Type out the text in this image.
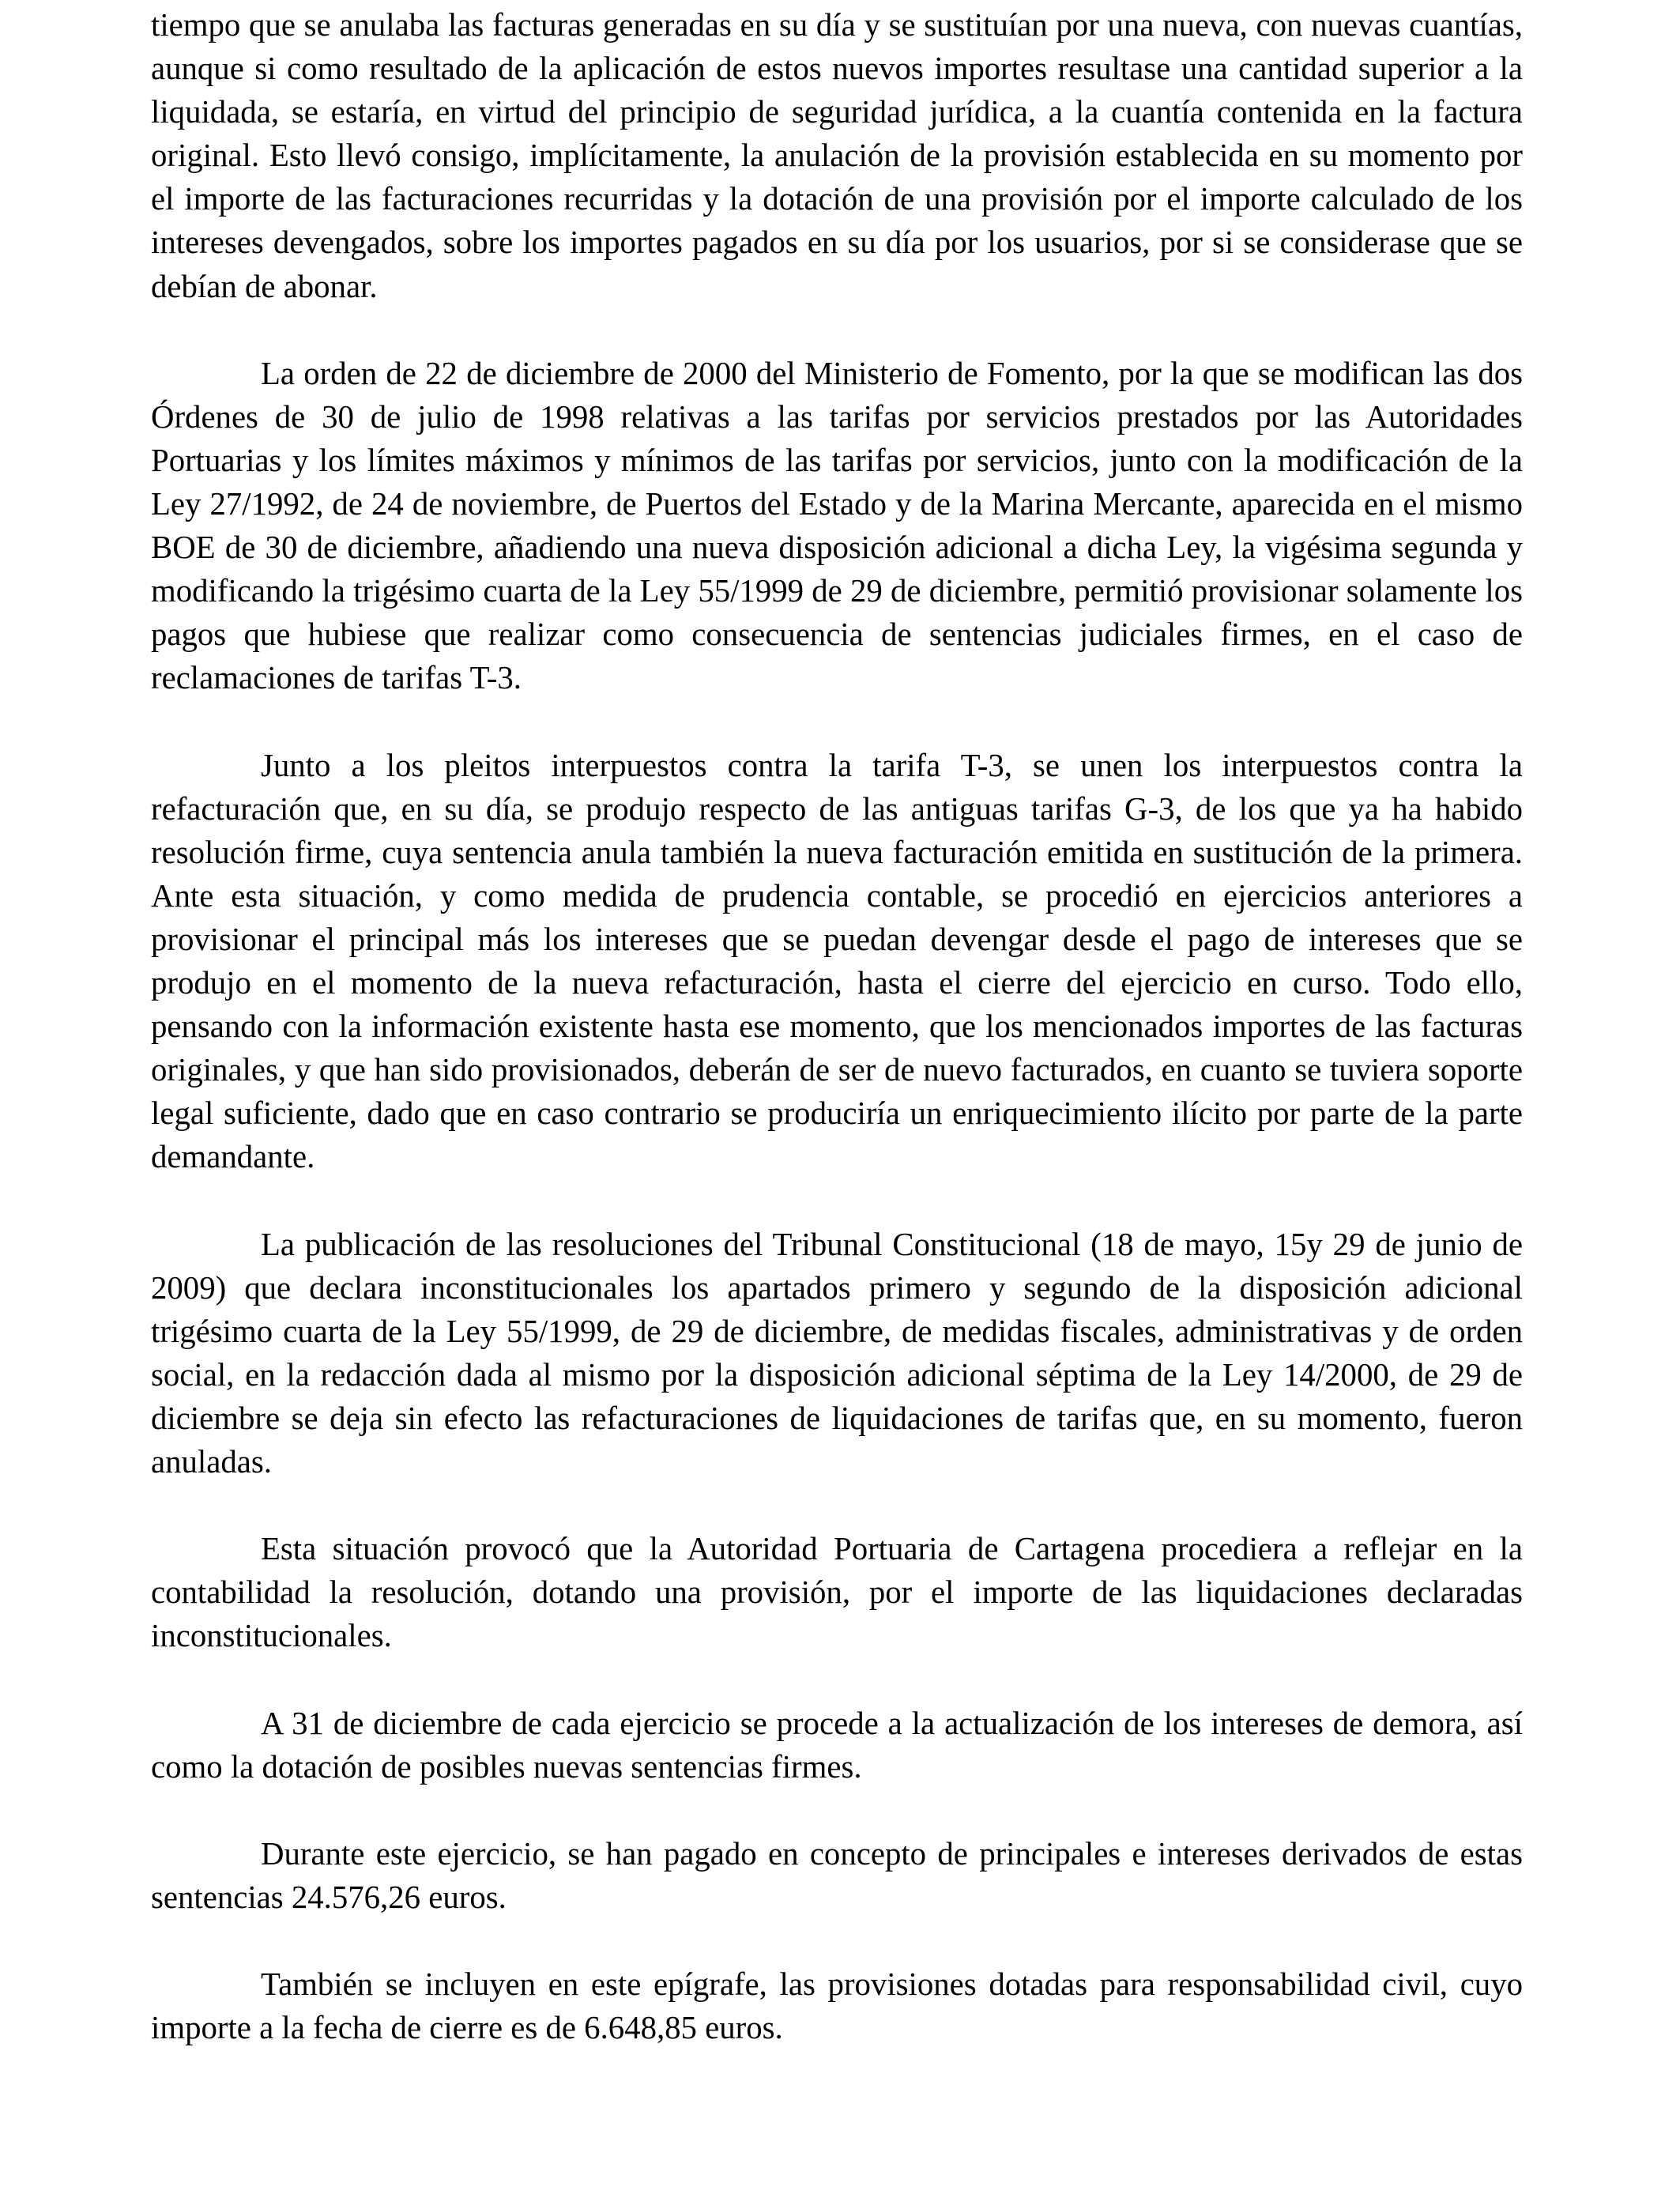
tiempo que se anulaba las facturas generadas en su día y se sustituían por una nueva, con nuevas cuantías, aunque si como resultado de la aplicación de estos nuevos importes resultase una cantidad superior a la liquidada, se estaría, en virtud del principio de seguridad jurídica, a la cuantía contenida en la factura original. Esto llevó consigo, implícitamente, la anulación de la provisión establecida en su momento por el importe de las facturaciones recurridas y la dotación de una provisión por el importe calculado de los intereses devengados, sobre los importes pagados en su día por los usuarios, por si se considerase que se debían de abonar.

La orden de 22 de diciembre de 2000 del Ministerio de Fomento, por la que se modifican las dos Órdenes de 30 de julio de 1998 relativas a las tarifas por servicios prestados por las Autoridades Portuarias y los límites máximos y mínimos de las tarifas por servicios, junto con la modificación de la Ley 27/1992, de 24 de noviembre, de Puertos del Estado y de la Marina Mercante, aparecida en el mismo BOE de 30 de diciembre, añadiendo una nueva disposición adicional a dicha Ley, la vigésima segunda y modificando la trigésimo cuarta de la Ley 55/1999 de 29 de diciembre, permitió provisionar solamente los pagos que hubiese que realizar como consecuencia de sentencias judiciales firmes, en el caso de reclamaciones de tarifas T-3.

Junto a los pleitos interpuestos contra la tarifa T-3, se unen los interpuestos contra la refacturación que, en su día, se produjo respecto de las antiguas tarifas G-3, de los que ya ha habido resolución firme, cuya sentencia anula también la nueva facturación emitida en sustitución de la primera. Ante esta situación, y como medida de prudencia contable, se procedió en ejercicios anteriores a provisionar el principal más los intereses que se puedan devengar desde el pago de intereses que se produjo en el momento de la nueva refacturación, hasta el cierre del ejercicio en curso. Todo ello, pensando con la información existente hasta ese momento, que los mencionados importes de las facturas originales, y que han sido provisionados, deberán de ser de nuevo facturados, en cuanto se tuviera soporte legal suficiente, dado que en caso contrario se produciría un enriquecimiento ilícito por parte de la parte demandante.

La publicación de las resoluciones del Tribunal Constitucional (18 de mayo, 15y 29 de junio de 2009) que declara inconstitucionales los apartados primero y segundo de la disposición adicional trigésimo cuarta de la Ley 55/1999, de 29 de diciembre, de medidas fiscales, administrativas y de orden social, en la redacción dada al mismo por la disposición adicional séptima de la Ley 14/2000, de 29 de diciembre se deja sin efecto las refacturaciones de liquidaciones de tarifas que, en su momento, fueron anuladas.

Esta situación provocó que la Autoridad Portuaria de Cartagena procediera a reflejar en la contabilidad la resolución, dotando una provisión, por el importe de las liquidaciones declaradas inconstitucionales.

A 31 de diciembre de cada ejercicio se procede a la actualización de los intereses de demora, así como la dotación de posibles nuevas sentencias firmes.

Durante este ejercicio, se han pagado en concepto de principales e intereses derivados de estas sentencias 24.576,26 euros.

También se incluyen en este epígrafe, las provisiones dotadas para responsabilidad civil, cuyo importe a la fecha de cierre es de 6.648,85 euros.
